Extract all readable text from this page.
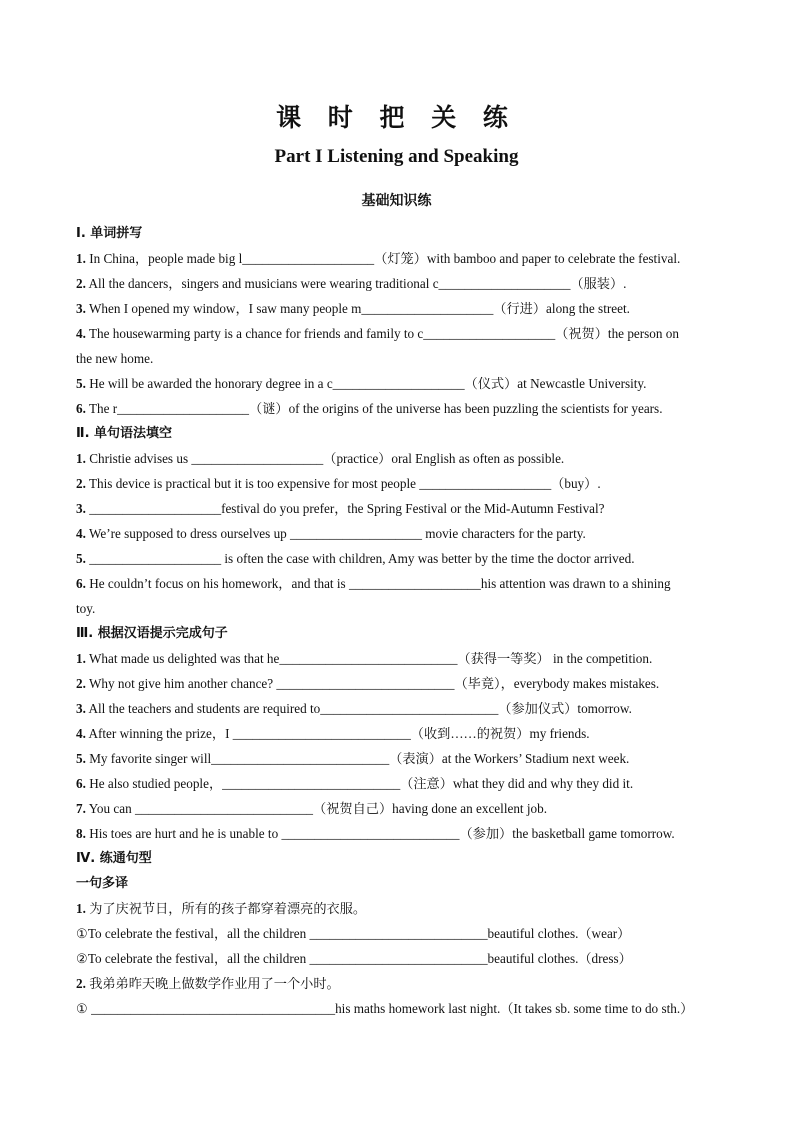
课 时 把 关 练
Part I Listening and Speaking
基础知识练
Ⅰ. 单词拼写
1. In China，people made big l____________________（灯笼）with bamboo and paper to celebrate the festival.
2. All the dancers，singers and musicians were wearing traditional c____________________（服装）.
3. When I opened my window，I saw many people m____________________（行进）along the street.
4. The housewarming party is a chance for friends and family to c____________________（祝贺）the person on
the new home.
5. He will be awarded the honorary degree in a c____________________（仪式）at Newcastle University.
6. The r____________________（谜）of the origins of the universe has been puzzling the scientists for years.
Ⅱ. 单句语法填空
1. Christie advises us ____________________（practice）oral English as often as possible.
2. This device is practical but it is too expensive for most people ____________________（buy）.
3. ____________________festival do you prefer，the Spring Festival or the Mid-Autumn Festival?
4. We’re supposed to dress ourselves up ____________________ movie characters for the party.
5. ____________________ is often the case with children, Amy was better by the time the doctor arrived.
6. He couldn’t focus on his homework，and that is ____________________his attention was drawn to a shining
toy.
Ⅲ. 根据汉语提示完成句子
1. What made us delighted was that he___________________________（获得一等奖） in the competition.
2. Why not give him another chance? ___________________________（毕竟），everybody makes mistakes.
3. All the teachers and students are required to___________________________（参加仪式）tomorrow.
4. After winning the prize，I ___________________________（收到……的祝贺）my friends.
5. My favorite singer will___________________________（表演）at the Workers’ Stadium next week.
6. He also studied people，___________________________（注意）what they did and why they did it.
7. You can ___________________________（祝贺自己）having done an excellent job.
8. His toes are hurt and he is unable to ___________________________（参加）the basketball game tomorrow.
Ⅳ. 练通句型
一句多译
1. 为了庆祝节日，所有的孩子都穿着漂亮的衣服。
①To celebrate the festival，all the children ___________________________beautiful clothes.（wear）
②To celebrate the festival，all the children ___________________________beautiful clothes.（dress）
2. 我弟弟昨天晚上做数学作业用了一个小时。
① _____________________________________his maths homework last night.（It takes sb. some time to do sth.）
